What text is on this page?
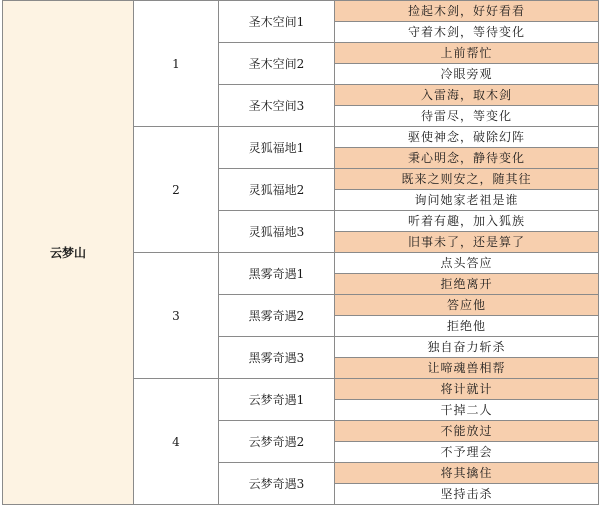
云梦山	1	圣木空间1	捡起木剑，好好看看
			守着木剑，等待变化
		圣木空间2	上前帮忙
			冷眼旁观
		圣木空间3	入雷海，取木剑
			待雷尽，等变化
	2	灵狐福地1	驱使神念，破除幻阵
			秉心明念，静待变化
		灵狐福地2	既来之则安之，随其往
			询问她家老祖是谁
		灵狐福地3	听着有趣，加入狐族
			旧事未了，还是算了
	3	黑雾奇遇1	点头答应
			拒绝离开
		黑雾奇遇2	答应他
			拒绝他
		黑雾奇遇3	独自奋力斩杀
			让啼魂兽相帮
	4	云梦奇遇1	将计就计
			干掉二人
		云梦奇遇2	不能放过
			不予理会
		云梦奇遇3	将其擒住
			坚持击杀
